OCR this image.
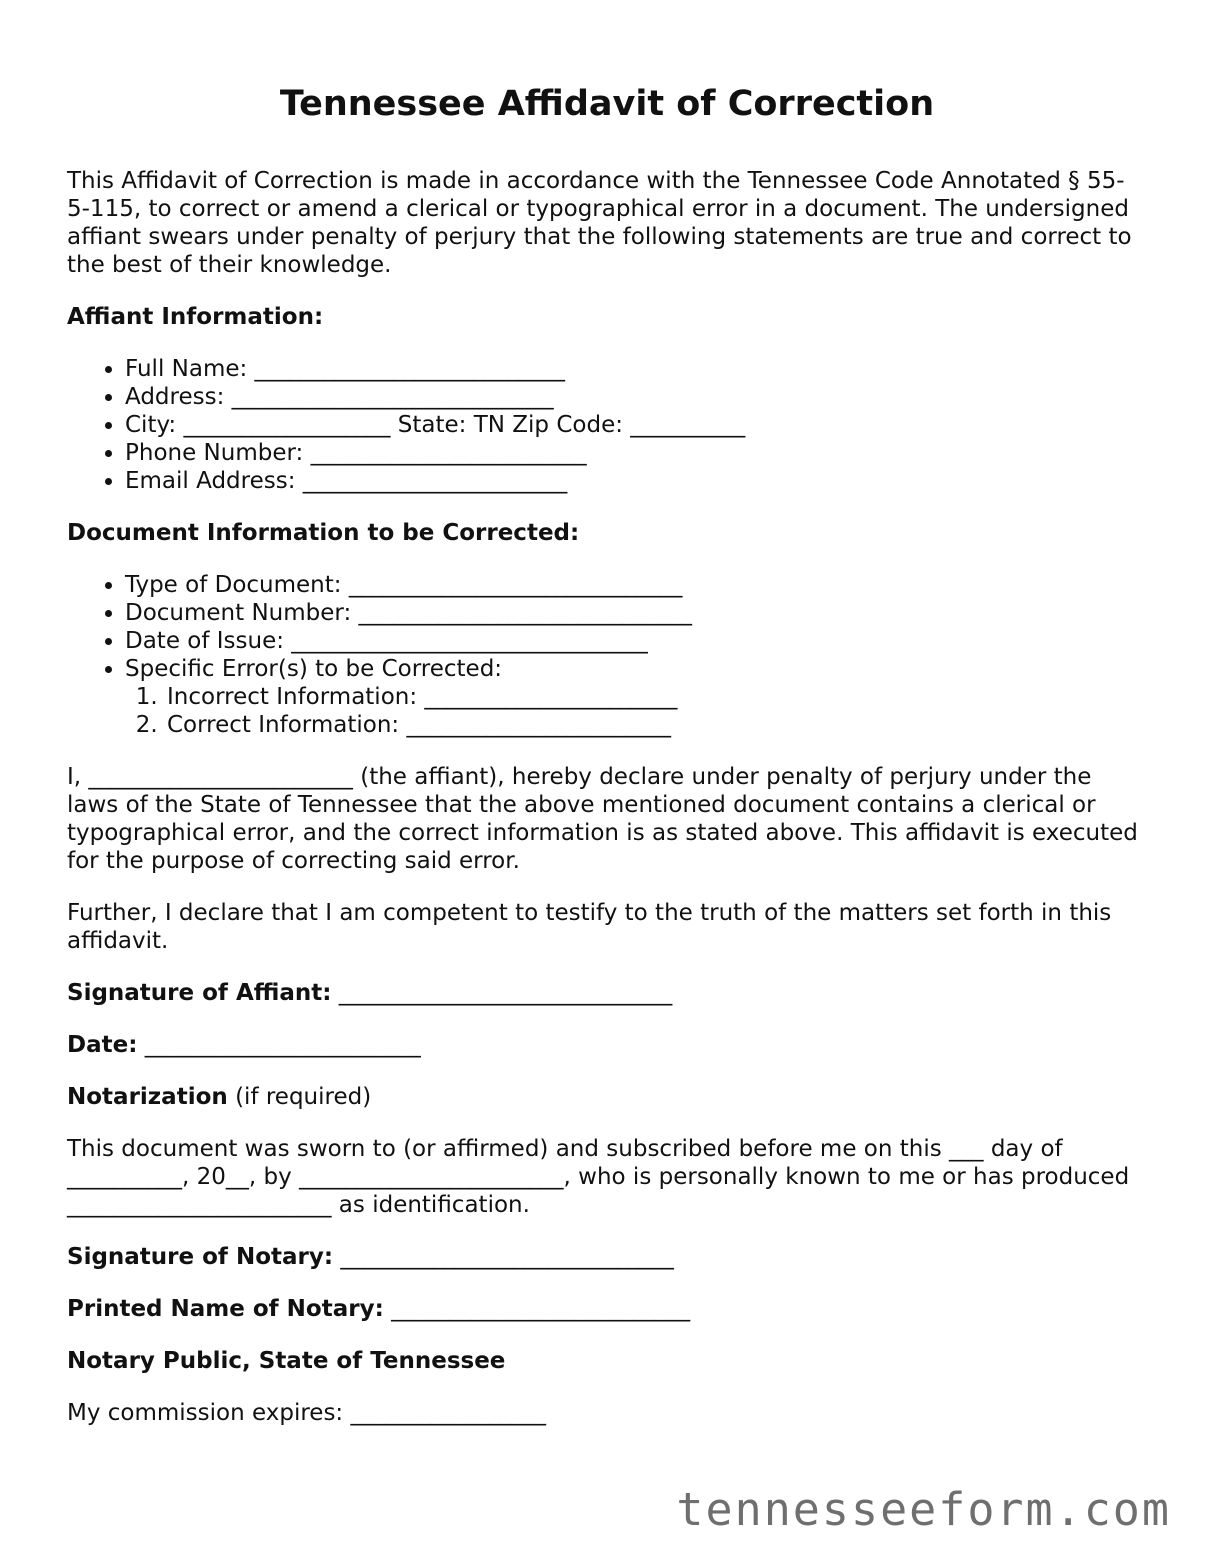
Tennessee Affidavit of Correction

This Affidavit of Correction is made in accordance with the Tennessee Code Annotated § 55-5-115, to correct or amend a clerical or typographical error in a document. The undersigned affiant swears under penalty of perjury that the following statements are true and correct to the best of their knowledge.

Affiant Information:

• Full Name: ___________________________
• Address: ____________________________
• City: __________________ State: TN Zip Code: __________
• Phone Number: ________________________
• Email Address: _______________________

Document Information to be Corrected:

• Type of Document: _____________________________
• Document Number: _____________________________
• Date of Issue: _______________________________
• Specific Error(s) to be Corrected:
1. Incorrect Information: ______________________
2. Correct Information: _______________________

I, _______________________ (the affiant), hereby declare under penalty of perjury under the laws of the State of Tennessee that the above mentioned document contains a clerical or typographical error, and the correct information is as stated above. This affidavit is executed for the purpose of correcting said error.

Further, I declare that I am competent to testify to the truth of the matters set forth in this affidavit.

Signature of Affiant: _____________________________

Date: ________________________

Notarization (if required)

This document was sworn to (or affirmed) and subscribed before me on this ___ day of __________, 20__, by _______________________, who is personally known to me or has produced _______________________ as identification.

Signature of Notary: _____________________________

Printed Name of Notary: __________________________

Notary Public, State of Tennessee

My commission expires: _________________

tennesseeform.com
